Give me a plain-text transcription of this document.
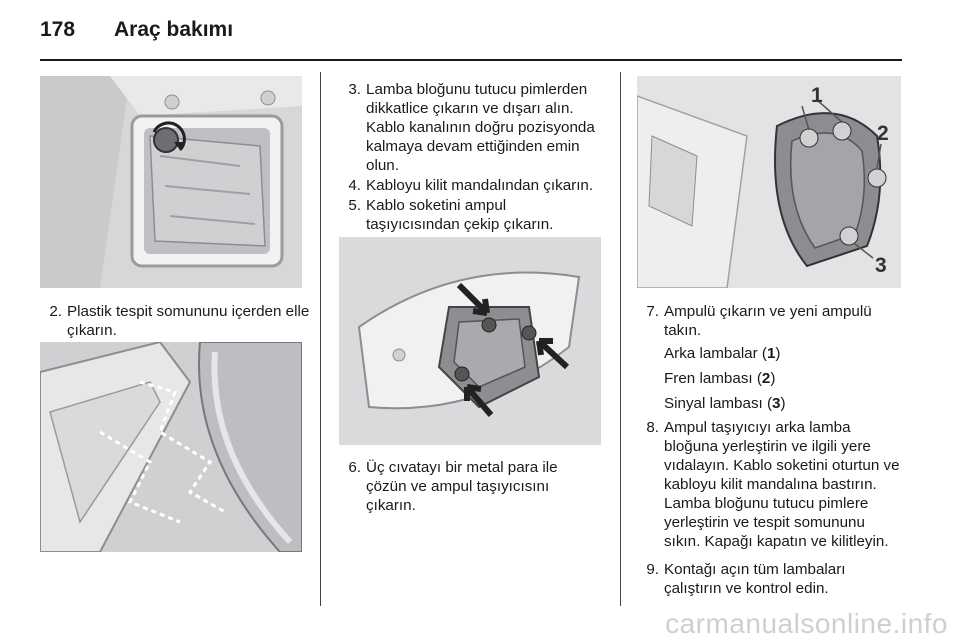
178 Araç bakımı
2. Plastik tespit somununu içerden elle çıkarın.
3. Lamba bloğunu tutucu pimlerden dikkatlice çıkarın ve dışarı alın. Kablo kanalının doğru pozisyonda kalmaya devam ettiğinden emin olun.
4. Kabloyu kilit mandalından çıkarın.
5. Kablo soketini ampul taşıyıcısından çekip çıkarın.
6. Üç cıvatayı bir metal para ile çözün ve ampul taşıyıcısını çıkarın.
1
2
3
7. Ampulü çıkarın ve yeni ampulü takın.
Arka lambalar (1)
Fren lambası (2)
Sinyal lambası (3)
8. Ampul taşıyıcıyı arka lamba bloğuna yerleştirin ve ilgili yere vıdalayın. Kablo soketini oturtun ve kabloyu kilit mandalına bastırın. Lamba bloğunu tutucu pimlere yerleştirin ve tespit somununu sıkın. Kapağı kapatın ve kilitleyin.
9. Kontağı açın tüm lambaları çalıştırın ve kontrol edin.
carmanualsonline.info
